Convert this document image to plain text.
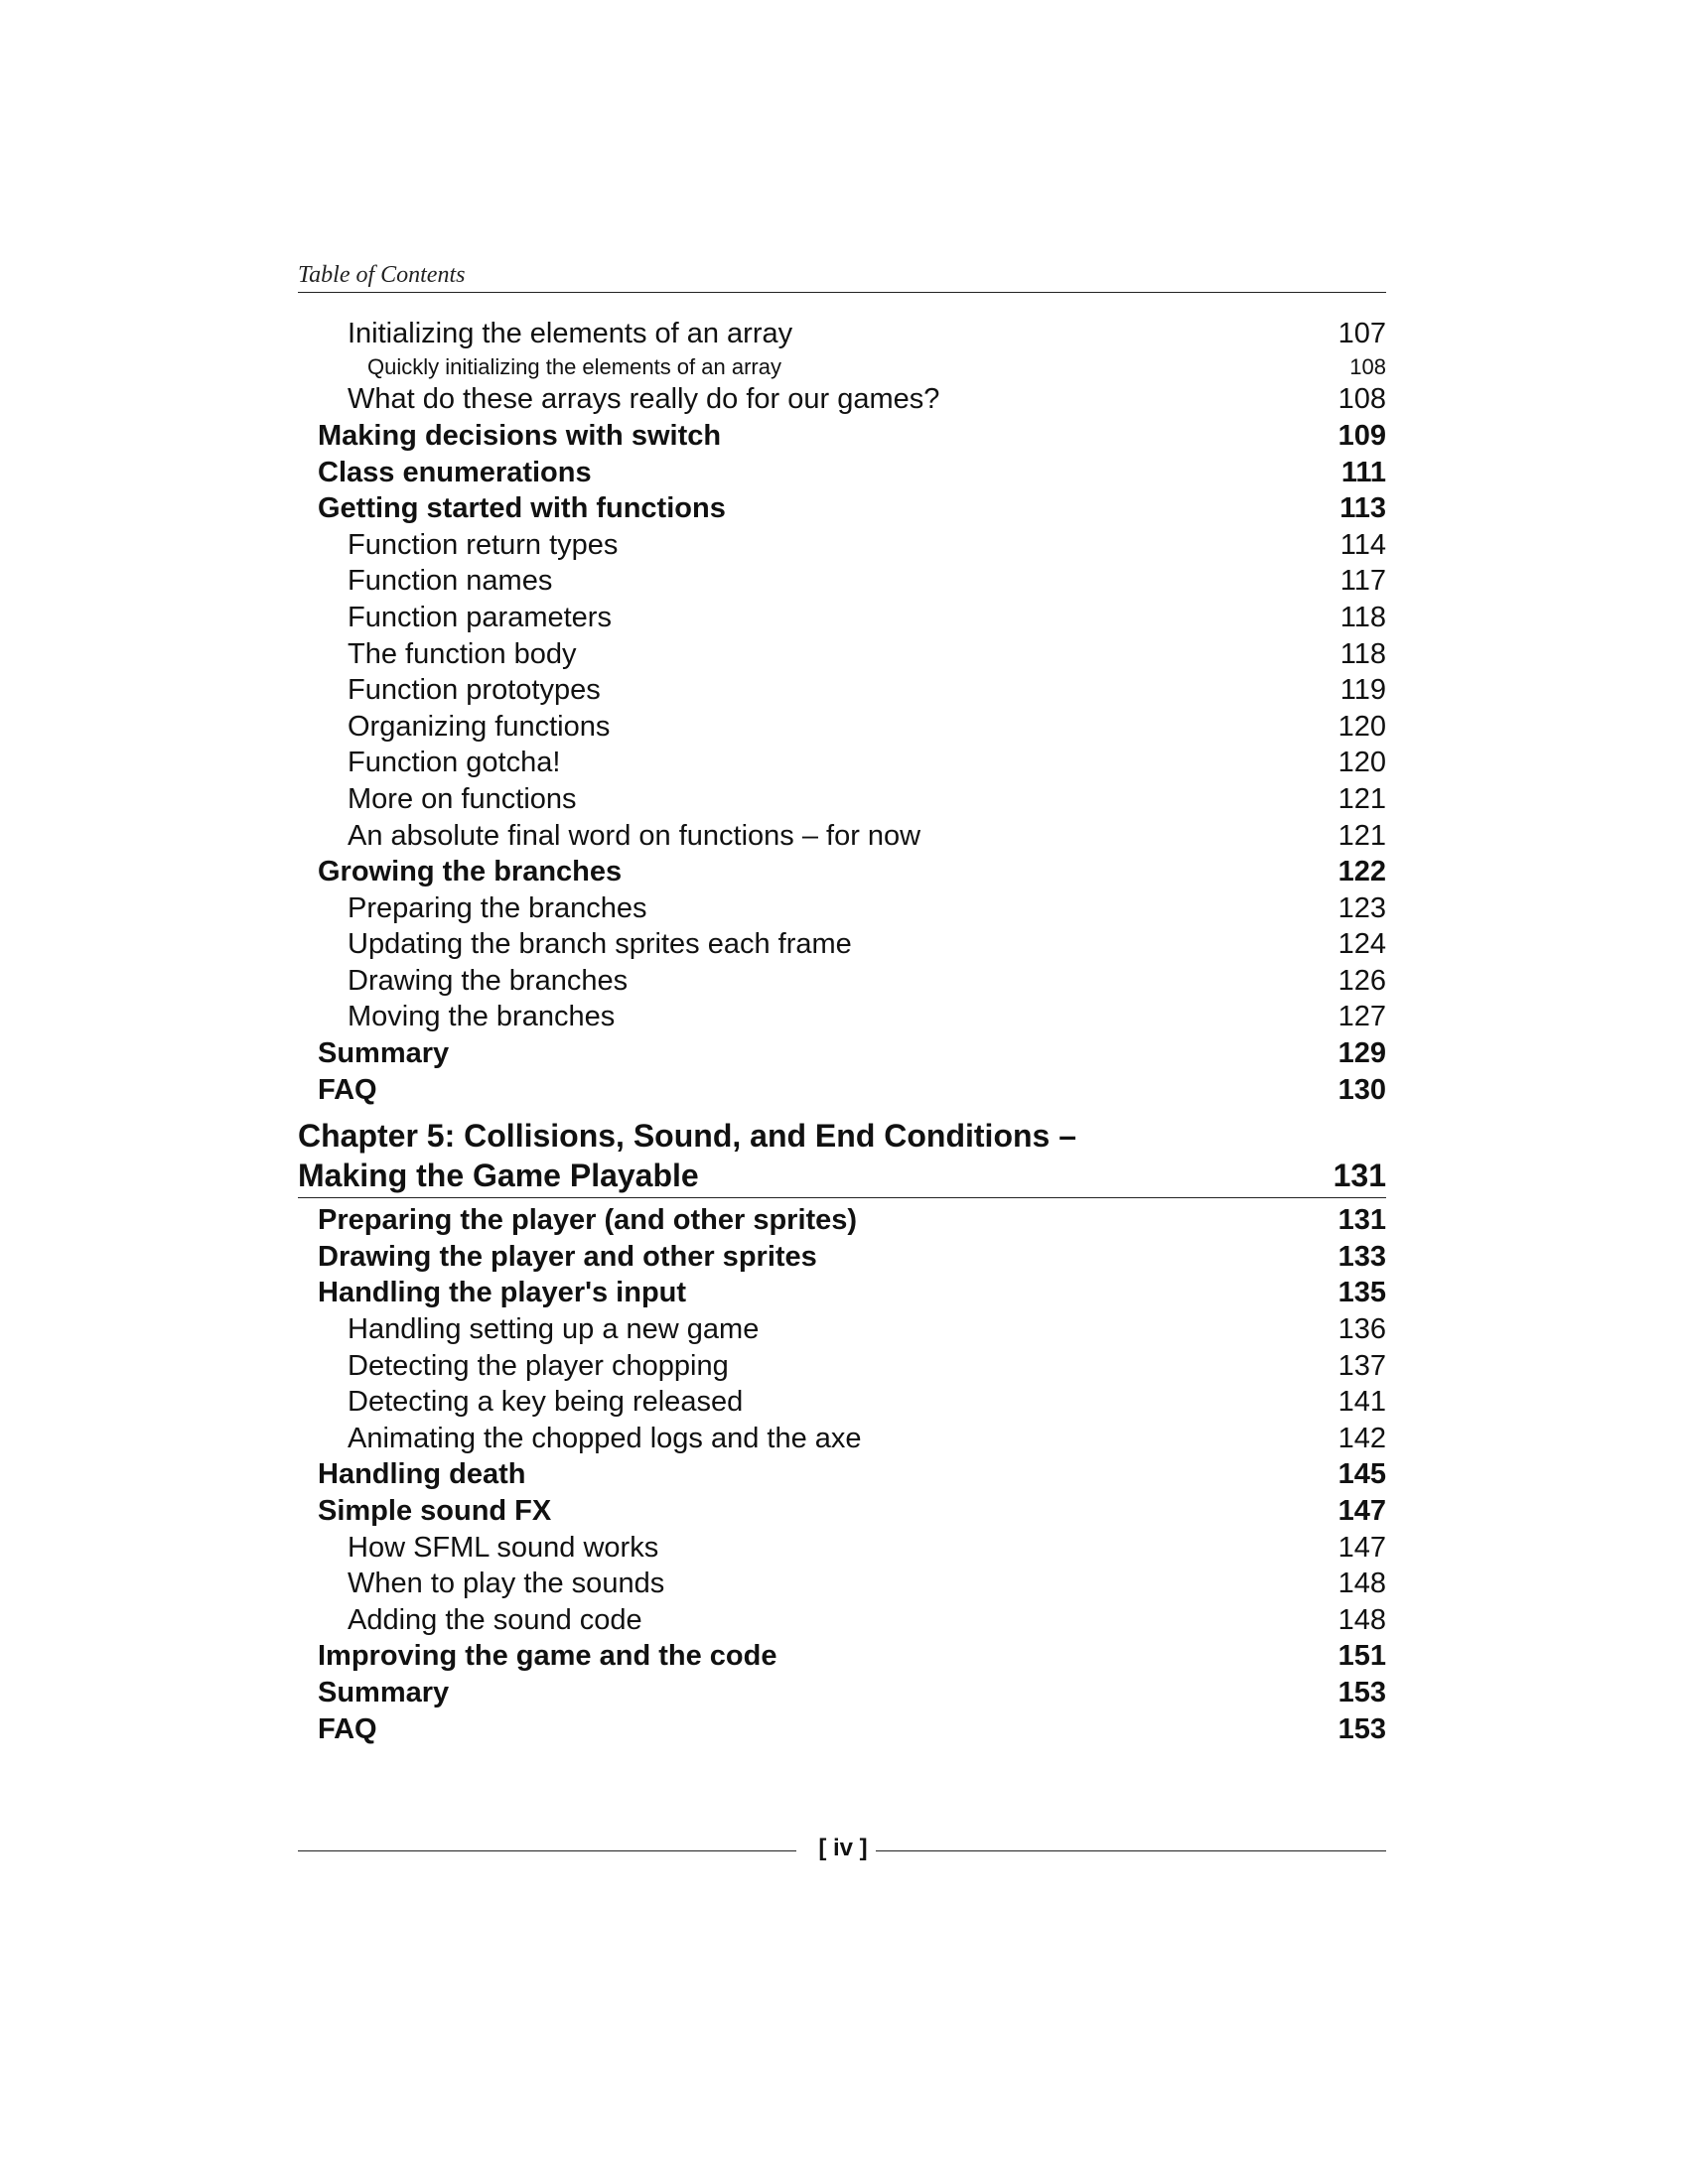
Table of Contents
Initializing the elements of an array	107
Quickly initializing the elements of an array	108
What do these arrays really do for our games?	108
Making decisions with switch	109
Class enumerations	111
Getting started with functions	113
Function return types	114
Function names	117
Function parameters	118
The function body	118
Function prototypes	119
Organizing functions	120
Function gotcha!	120
More on functions	121
An absolute final word on functions – for now	121
Growing the branches	122
Preparing the branches	123
Updating the branch sprites each frame	124
Drawing the branches	126
Moving the branches	127
Summary	129
FAQ	130
Chapter 5: Collisions, Sound, and End Conditions –
Making the Game Playable	131
Preparing the player (and other sprites)	131
Drawing the player and other sprites	133
Handling the player's input	135
Handling setting up a new game	136
Detecting the player chopping	137
Detecting a key being released	141
Animating the chopped logs and the axe	142
Handling death	145
Simple sound FX	147
How SFML sound works	147
When to play the sounds	148
Adding the sound code	148
Improving the game and the code	151
Summary	153
FAQ	153
[ iv ]
